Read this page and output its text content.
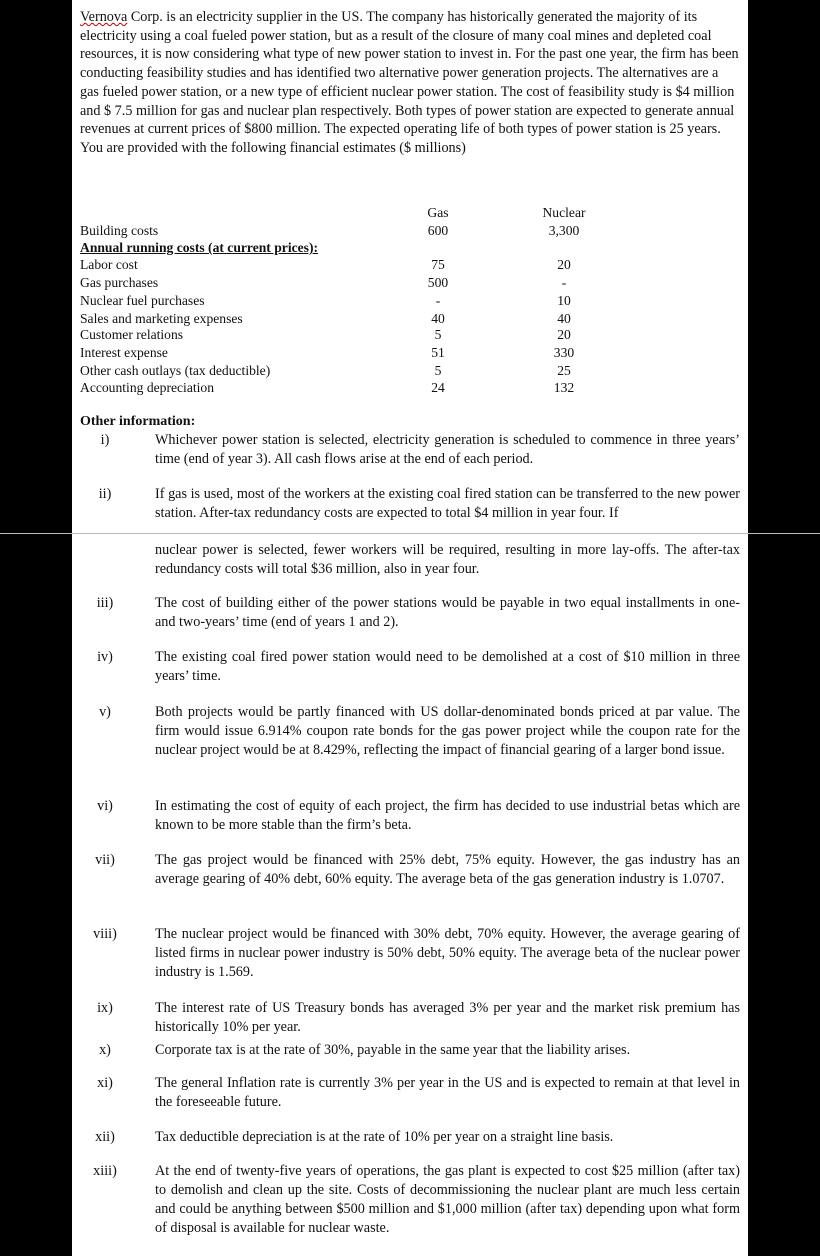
Vernova Corp. is an electricity supplier in the US. The company has historically generated the majority of its electricity using a coal fueled power station, but as a result of the closure of many coal mines and depleted coal resources, it is now considering what type of new power station to invest in. For the past one year, the firm has been conducting feasibility studies and has identified two alternative power generation projects. The alternatives are a gas fueled power station, or a new type of efficient nuclear power station. The cost of feasibility study is $4 million and $ 7.5 million for gas and nuclear plan respectively. Both types of power station are expected to generate annual revenues at current prices of $800 million. The expected operating life of both types of power station is 25 years. You are provided with the following financial estimates ($ millions)
Gas	Nuclear
Building costs	600	3,300
Annual running costs (at current prices):
Labor cost	75	20
Gas purchases	500	-
Nuclear fuel purchases	-	10
Sales and marketing expenses	40	40
Customer relations	5	20
Interest expense	51	330
Other cash outlays (tax deductible)	5	25
Accounting depreciation	24	132
Other information:
i)	Whichever power station is selected, electricity generation is scheduled to commence in three years’ time (end of year 3). All cash flows arise at the end of each period.
ii)	If gas is used, most of the workers at the existing coal fired station can be transferred to the new power station. After-tax redundancy costs are expected to total $4 million in year four. If
nuclear power is selected, fewer workers will be required, resulting in more lay-offs. The after-tax redundancy costs will total $36 million, also in year four.
iii)	The cost of building either of the power stations would be payable in two equal installments in one- and two-years’ time (end of years 1 and 2).
iv)	The existing coal fired power station would need to be demolished at a cost of $10 million in three years’ time.
v)	Both projects would be partly financed with US dollar-denominated bonds priced at par value. The firm would issue 6.914% coupon rate bonds for the gas power project while the coupon rate for the nuclear project would be at 8.429%, reflecting the impact of financial gearing of a larger bond issue.
vi)	In estimating the cost of equity of each project, the firm has decided to use industrial betas which are known to be more stable than the firm’s beta.
vii)	The gas project would be financed with 25% debt, 75% equity. However, the gas industry has an average gearing of 40% debt, 60% equity. The average beta of the gas generation industry is 1.0707.
viii)	The nuclear project would be financed with 30% debt, 70% equity. However, the average gearing of listed firms in nuclear power industry is 50% debt, 50% equity. The average beta of the nuclear power industry is 1.569.
ix)	The interest rate of US Treasury bonds has averaged 3% per year and the market risk premium has historically 10% per year.
x)	Corporate tax is at the rate of 30%, payable in the same year that the liability arises.
xi)	The general Inflation rate is currently 3% per year in the US and is expected to remain at that level in the foreseeable future.
xii)	Tax deductible depreciation is at the rate of 10% per year on a straight line basis.
xiii)	At the end of twenty-five years of operations, the gas plant is expected to cost $25 million (after tax) to demolish and clean up the site. Costs of decommissioning the nuclear plant are much less certain and could be anything between $500 million and $1,000 million (after tax) depending upon what form of disposal is available for nuclear waste.
